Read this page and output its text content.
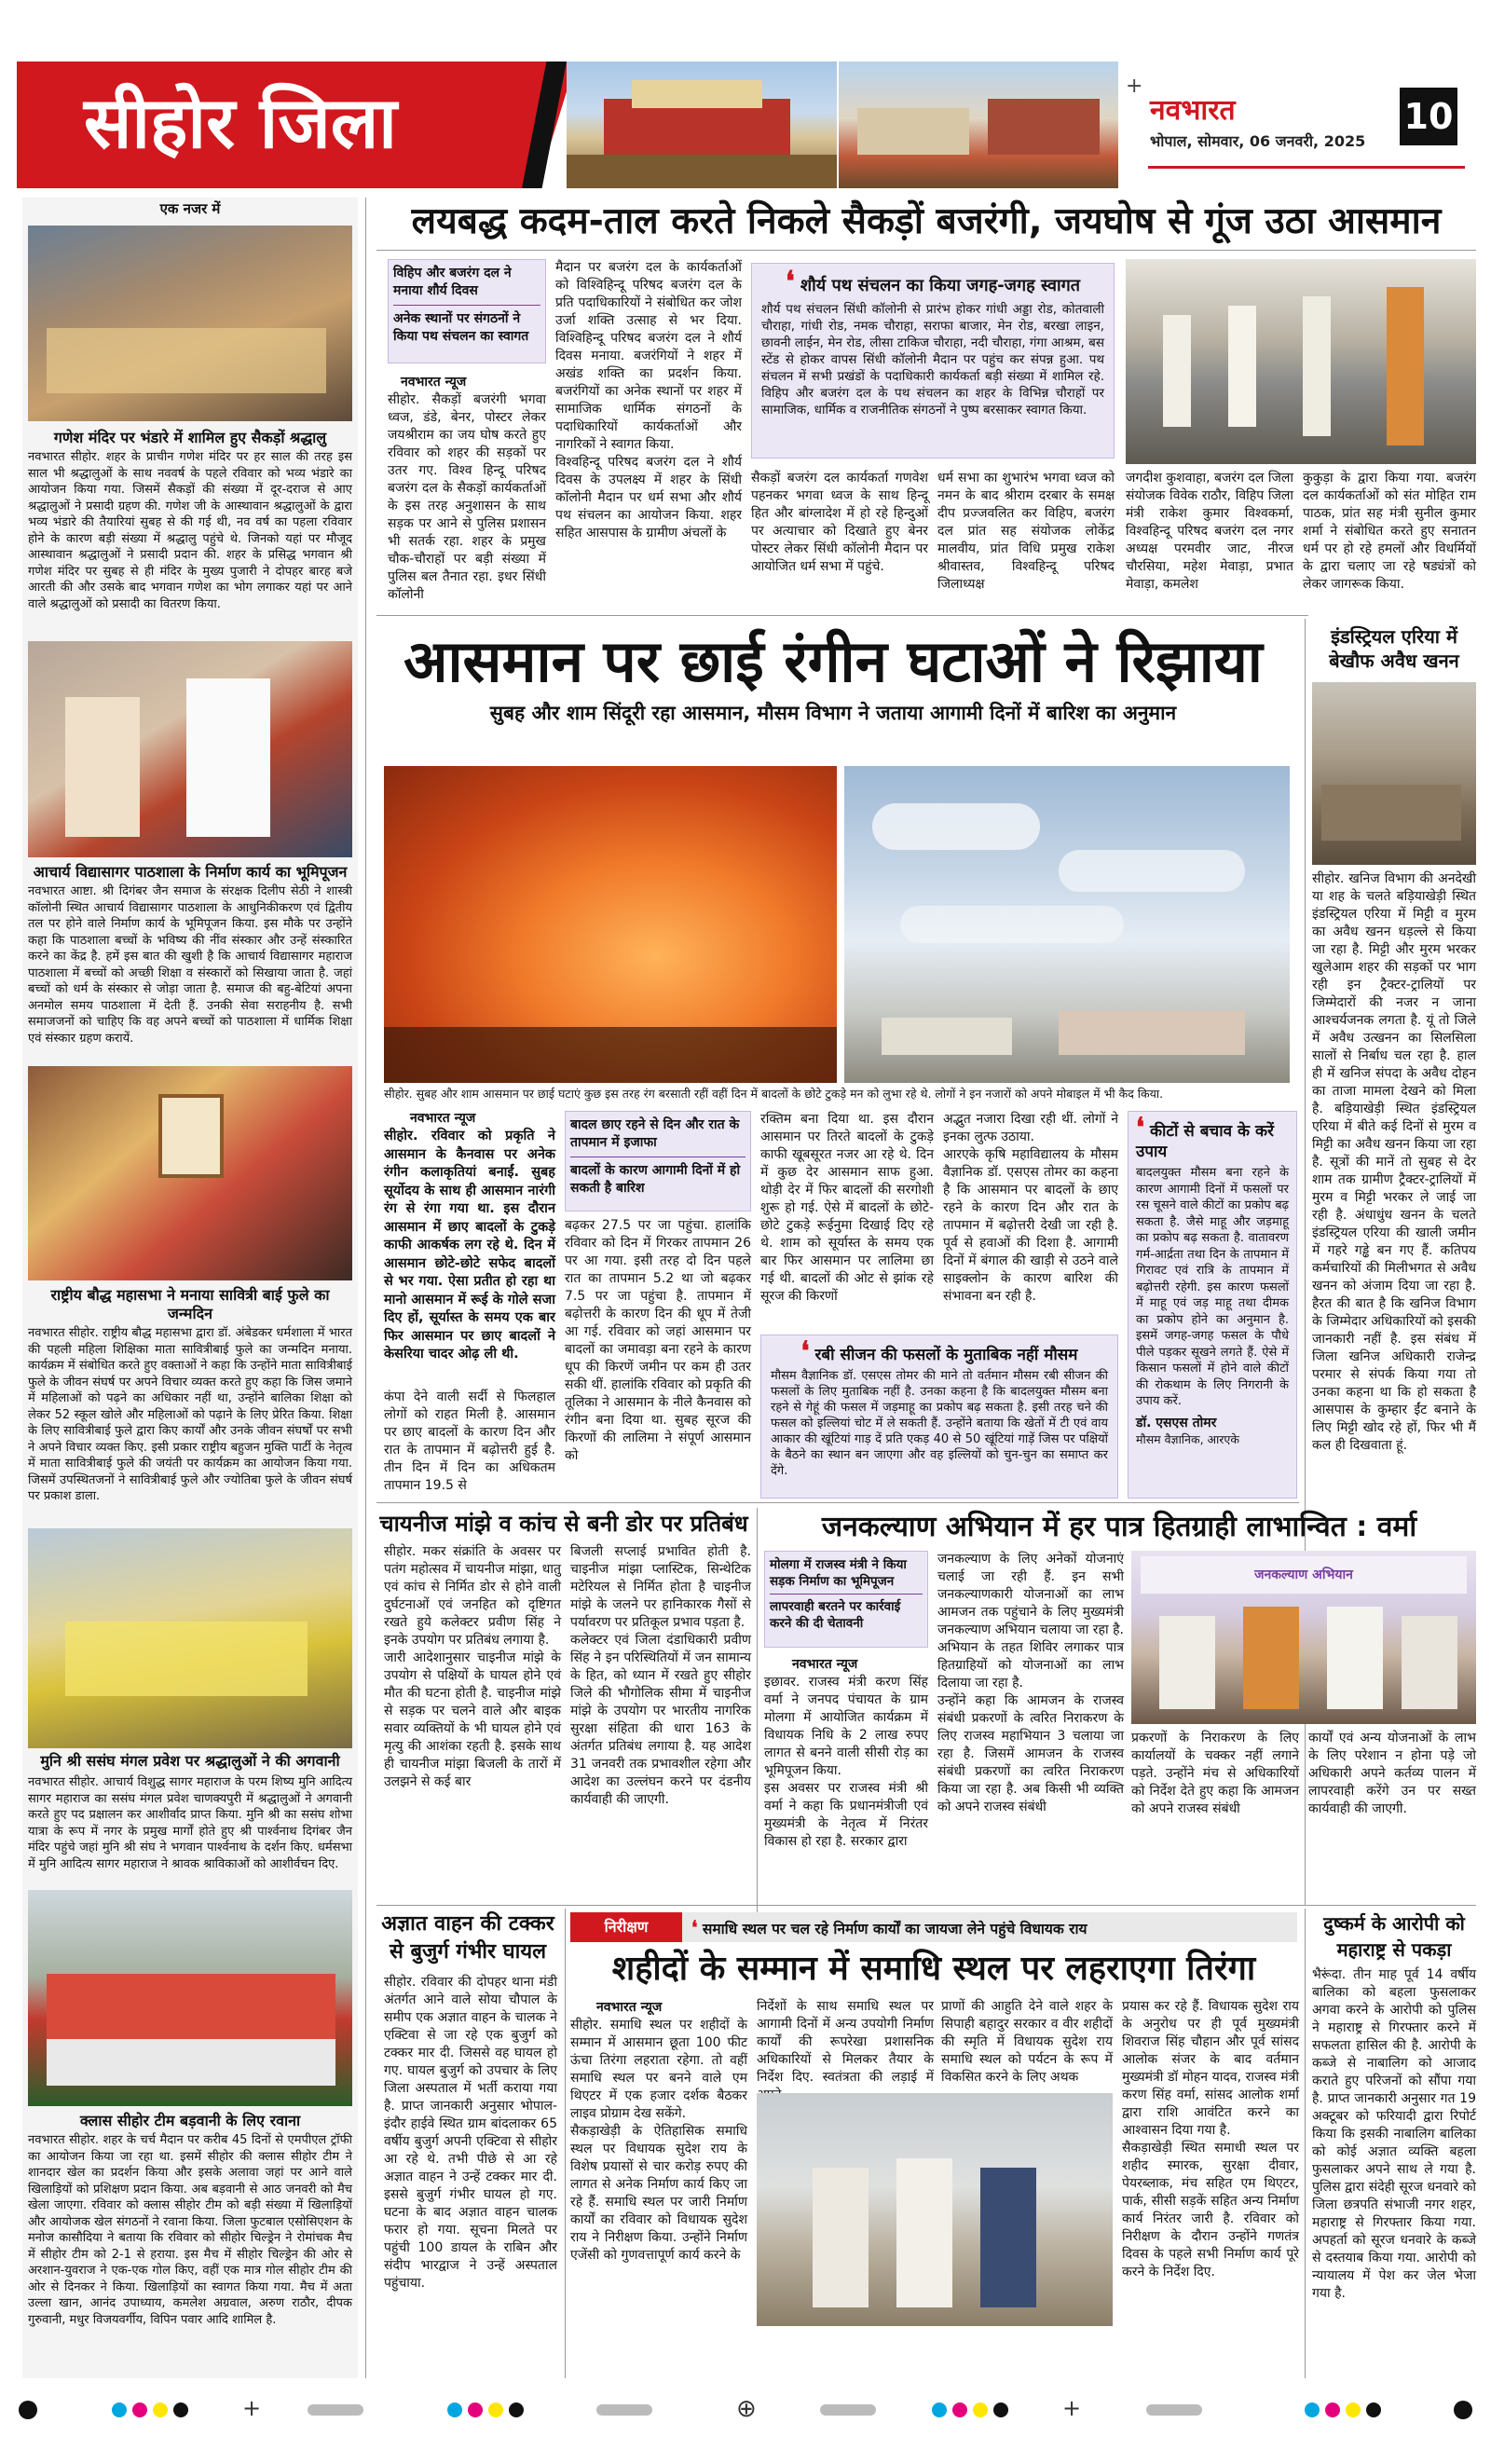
सीहोर जिला	+
नवभारत
भोपाल, सोमवार, 06 जनवरी, 2025
10
एक नजर में
गणेश मंदिर पर भंडारे में शामिल हुए सैकड़ों श्रद्धालु
नवभारत सीहोर. शहर के प्राचीन गणेश मंदिर पर हर साल की तरह इस साल भी श्रद्धालुओं के साथ नववर्ष के पहले रविवार को भव्य भंडारे का आयोजन किया गया. जिसमें सैकड़ों की संख्या में दूर-दराज से आए श्रद्धालुओं ने प्रसादी ग्रहण की. गणेश जी के आस्थावान श्रद्धालुओं के द्वारा भव्य भंडारे की तैयारियां सुबह से की गई थी, नव वर्ष का पहला रविवार होने के कारण बड़ी संख्या में श्रद्धालु पहुंचे थे. जिनको यहां पर मौजूद आस्थावान श्रद्धालुओं ने प्रसादी प्रदान की. शहर के प्रसिद्ध भगवान श्री गणेश मंदिर पर सुबह से ही मंदिर के मुख्य पुजारी ने दोपहर बारह बजे आरती की और उसके बाद भगवान गणेश का भोग लगाकर यहां पर आने वाले श्रद्धालुओं को प्रसादी का वितरण किया.
आचार्य विद्यासागर पाठशाला के निर्माण कार्य का भूमिपूजन
नवभारत आष्टा. श्री दिगंबर जैन समाज के संरक्षक दिलीप सेठी ने शास्त्री कॉलोनी स्थित आचार्य विद्यासागर पाठशाला के आधुनिकीकरण एवं द्वितीय तल पर होने वाले निर्माण कार्य के भूमिपूजन किया. इस मौके पर उन्होंने कहा कि पाठशाला बच्चों के भविष्य की नींव संस्कार और उन्हें संस्कारित करने का केंद्र है. हमें इस बात की खुशी है कि आचार्य विद्यासागर महाराज पाठशाला में बच्चों को अच्छी शिक्षा व संस्कारों को सिखाया जाता है. जहां बच्चों को धर्म के संस्कार से जोड़ा जाता है. समाज की बहु-बेटियां अपना अनमोल समय पाठशाला में देती हैं. उनकी सेवा सराहनीय है. सभी समाजजनों को चाहिए कि वह अपने बच्चों को पाठशाला में धार्मिक शिक्षा एवं संस्कार ग्रहण करायें.
राष्ट्रीय बौद्ध महासभा ने मनाया सावित्री बाई फुले का जन्मदिन
नवभारत सीहोर. राष्ट्रीय बौद्ध महासभा द्वारा डॉ. अंबेडकर धर्मशाला में भारत की पहली महिला शिक्षिका माता सावित्रीबाई फुले का जन्मदिन मनाया. कार्यक्रम में संबोधित करते हुए वक्ताओं ने कहा कि उन्होंने माता सावित्रीबाई फुले के जीवन संघर्ष पर अपने विचार व्यक्त करते हुए कहा कि जिस जमाने में महिलाओं को पढ़ने का अधिकार नहीं था, उन्होंने बालिका शिक्षा को लेकर 52 स्कूल खोले और महिलाओं को पढ़ाने के लिए प्रेरित किया. शिक्षा के लिए सावित्रीबाई फुले द्वारा किए कार्यों और उनके जीवन संघर्षों पर सभी ने अपने विचार व्यक्त किए. इसी प्रकार राष्ट्रीय बहुजन मुक्ति पार्टी के नेतृत्व में माता सावित्रीबाई फुले की जयंती पर कार्यक्रम का आयोजन किया गया. जिसमें उपस्थितजनों ने सावित्रीबाई फुले और ज्योतिबा फुले के जीवन संघर्ष पर प्रकाश डाला.
मुनि श्री ससंघ मंगल प्रवेश पर श्रद्धालुओं ने की अगवानी
नवभारत सीहोर. आचार्य विशुद्ध सागर महाराज के परम शिष्य मुनि आदित्य सागर महाराज का ससंघ मंगल प्रवेश चाणक्यपुरी में श्रद्धालुओं ने अगवानी करते हुए पद प्रक्षालन कर आशीर्वाद प्राप्त किया. मुनि श्री का ससंघ शोभा यात्रा के रूप में नगर के प्रमुख मार्गों होते हुए श्री पार्श्वनाथ दिगंबर जैन मंदिर पहुंचे जहां मुनि श्री संघ ने भगवान पार्श्वनाथ के दर्शन किए. धर्मसभा में मुनि आदित्य सागर महाराज ने श्रावक श्राविकाओं को आशीर्वचन दिए.
क्लास सीहोर टीम बड़वानी के लिए रवाना
नवभारत सीहोर. शहर के चर्च मैदान पर करीब 45 दिनों से एमपीएल ट्रॉफी का आयोजन किया जा रहा था. इसमें सीहोर की क्लास सीहोर टीम ने शानदार खेल का प्रदर्शन किया और इसके अलावा जहां पर आने वाले खिलाड़ियों को प्रशिक्षण प्रदान किया. अब बड़वानी से आठ जनवरी को मैच खेला जाएगा. रविवार को क्लास सीहोर टीम को बड़ी संख्या में खिलाड़ियों और आयोजक खेल संगठनों ने रवाना किया. जिला फुटबाल एसोसिएशन के मनोज कासौदिया ने बताया कि रविवार को सीहोर चिल्ड्रेन ने रोमांचक मैच में सीहोर टीम को 2-1 से हराया. इस मैच में सीहोर चिल्ड्रेन की ओर से अरशान-युवराज ने एक-एक गोल किए, वहीं एक मात्र गोल सीहोर टीम की ओर से दिनकर ने किया. खिलाड़ियों का स्वागत किया गया. मैच में अता उल्ला खान, आनंद उपाध्याय, कमलेश अग्रवाल, अरुण राठौर, दीपक गुरुवानी, मधुर विजयवर्गीय, विपिन पवार आदि शामिल है.
लयबद्ध कदम-ताल करते निकले सैकड़ों बजरंगी, जयघोष से गूंज उठा आसमान
विहिप और बजरंग दल ने मनाया शौर्य दिवस
अनेक स्थानों पर संगठनों ने किया पथ संचलन का स्वागत
नवभारत न्यूज
सीहोर. सैकड़ों बजरंगी भगवा ध्वज, डंडे, बेनर, पोस्टर लेकर जयश्रीराम का जय घोष करते हुए रविवार को शहर की सड़कों पर उतर गए. विश्व हिन्दू परिषद बजरंग दल के सैकड़ों कार्यकर्ताओं के इस तरह अनुशासन के साथ सड़क पर आने से पुलिस प्रशासन भी सतर्क रहा. शहर के प्रमुख चौक-चौराहों पर बड़ी संख्या में पुलिस बल तैनात रहा. इधर सिंधी कॉलोनी
मैदान पर बजरंग दल के कार्यकर्ताओं को विश्विहिन्दू परिषद बजरंग दल के प्रति पदाधिकारियों ने संबोधित कर जोश उर्जा शक्ति उत्साह से भर दिया. विश्विहिन्दू परिषद बजरंग दल ने शौर्य दिवस मनाया. बजरंगियों ने शहर में अखंड शक्ति का प्रदर्शन किया. बजरंगियों का अनेक स्थानों पर शहर में सामाजिक धार्मिक संगठनों के पदाधिकारियों कार्यकर्ताओं और नागरिकों ने स्वागत किया.
विश्वहिन्दू परिषद बजरंग दल ने शौर्य दिवस के उपलक्ष्य में शहर के सिंधी कॉलोनी मैदान पर धर्म सभा और शौर्य पथ संचलन का आयोजन किया. शहर सहित आसपास के ग्रामीण अंचलों के
❛ शौर्य पथ संचलन का किया जगह-जगह स्वागत
शौर्य पथ संचलन सिंधी कॉलोनी से प्रारंभ होकर गांधी अड्डा रोड, कोतवाली चौराहा, गांधी रोड, नमक चौराहा, सराफा बाजार, मेन रोड, बरखा लाइन, छावनी लाईन, मेन रोड, लीसा टाकिज चौराहा, नदी चौराहा, गंगा आश्रम, बस स्टेंड से होकर वापस सिंधी कॉलोनी मैदान पर पहुंच कर संपन्न हुआ. पथ संचलन में सभी प्रखंडों के पदाधिकारी कार्यकर्ता बड़ी संख्या में शामिल रहे. विहिप और बजरंग दल के पथ संचलन का शहर के विभिन्न चौराहों पर सामाजिक, धार्मिक व राजनीतिक संगठनों ने पुष्प बरसाकर स्वागत किया.
सैकड़ों बजरंग दल कार्यकर्ता गणवेश पहनकर भगवा ध्वज के साथ हिन्दू हित और बांग्लादेश में हो रहे हिन्दुओं पर अत्याचार को दिखाते हुए बेनर पोस्टर लेकर सिंधी कॉलोनी मैदान पर आयोजित धर्म सभा में पहुंचे.
धर्म सभा का शुभारंभ भगवा ध्वज को नमन के बाद श्रीराम दरबार के समक्ष दीप प्रज्जवलित कर विहिप, बजरंग दल प्रांत सह संयोजक लोकेंद्र मालवीय, प्रांत विधि प्रमुख राकेश श्रीवास्तव, विश्वहिन्दू परिषद जिलाध्यक्ष
जगदीश कुशवाहा, बजरंग दल जिला संयोजक विवेक राठौर, विहिप जिला मंत्री राकेश कुमार विश्वकर्मा, विश्वहिन्दू परिषद बजरंग दल नगर अध्यक्ष परमवीर जाट, नीरज चौरसिया, महेश मेवाड़ा, प्रभात मेवाड़ा, कमलेश
कुकुड़ा के द्वारा किया गया. बजरंग दल कार्यकर्ताओं को संत मोहित राम पाठक, प्रांत सह मंत्री सुनील कुमार शर्मा ने संबोधित करते हुए सनातन धर्म पर हो रहे हमलों और विधर्मियों के द्वारा चलाए जा रहे षड्यंत्रों को लेकर जागरूक किया.
आसमान पर छाई रंगीन घटाओं ने रिझाया
सुबह और शाम सिंदूरी रहा आसमान, मौसम विभाग ने जताया आगामी दिनों में बारिश का अनुमान
सीहोर. सुबह और शाम आसमान पर छाई घटाएं कुछ इस तरह रंग बरसाती रहीं वहीं दिन में बादलों के छोटे टुकड़े मन को लुभा रहे थे. लोगों ने इन नजारों को अपने मोबाइल में भी कैद किया.
नवभारत न्यूज
सीहोर. रविवार को प्रकृति ने आसमान के कैनवास पर अनेक रंगीन कलाकृतियां बनाईं. सुबह सूर्योदय के साथ ही आसमान नारंगी रंग से रंगा गया था. इस दौरान आसमान में छाए बादलों के टुकड़े काफी आकर्षक लग रहे थे. दिन में आसमान छोटे-छोटे सफेद बादलों से भर गया. ऐसा प्रतीत हो रहा था मानो आसमान में रूई के गोले सजा दिए हों, सूर्यास्त के समय एक बार फिर आसमान पर छाए बादलों ने केसरिया चादर ओढ़ ली थी.
कंपा देने वाली सर्दी से फिलहाल लोगों को राहत मिली है. आसमान पर छाए बादलों के कारण दिन और रात के तापमान में बढ़ोत्तरी हुई है. तीन दिन में दिन का अधिकतम तापमान 19.5 से
बादल छाए रहने से दिन और रात के तापमान में इजाफा
बादलों के कारण आगामी दिनों में हो सकती है बारिश
बढ़कर 27.5 पर जा पहुंचा. हालांकि रविवार को दिन में गिरकर तापमान 26 पर आ गया. इसी तरह दो दिन पहले रात का तापमान 5.2 था जो बढ़कर 7.5 पर जा पहुंचा है. तापमान में बढ़ोत्तरी के कारण दिन की धूप में तेजी आ गई. रविवार को जहां आसमान पर बादलों का जमावड़ा बना रहने के कारण धूप की किरणें जमीन पर कम ही उतर सकी थीं. हालांकि रविवार को प्रकृति की तूलिका ने आसमान के नीले कैनवास को रंगीन बना दिया था. सुबह सूरज की किरणों की लालिमा ने संपूर्ण आसमान को
रक्तिम बना दिया था. इस दौरान आसमान पर तिरते बादलों के टुकड़े काफी खूबसूरत नजर आ रहे थे. दिन में कुछ देर आसमान साफ हुआ. थोड़ी देर में फिर बादलों की सरगोशी शुरू हो गई. ऐसे में बादलों के छोटे-छोटे टुकड़े रूईनुमा दिखाई दिए रहे थे. शाम को सूर्यास्त के समय एक बार फिर आसमान पर लालिमा छा गई थी. बादलों की ओट से झांक रहे सूरज की किरणों
अद्भुत नजारा दिखा रही थीं. लोगों ने इनका लुत्फ उठाया.
आरएके कृषि महाविद्यालय के मौसम वैज्ञानिक डॉ. एसएस तोमर का कहना है कि आसमान पर बादलों के छाए रहने के कारण दिन और रात के तापमान में बढ़ोत्तरी देखी जा रही है. पूर्व से हवाओं की दिशा है. आगामी दिनों में बंगाल की खाड़ी से उठने वाले साइक्लोन के कारण बारिश की संभावना बन रही है.
❛ रबी सीजन की फसलों के मुताबिक नहीं मौसम
मौसम वैज्ञानिक डॉ. एसएस तोमर की माने तो वर्तमान मौसम रबी सीजन की फसलों के लिए मुताबिक नहीं है. उनका कहना है कि बादलयुक्त मौसम बना रहने से गेहूं की फसल में जड़माहू का प्रकोप बढ़ सकता है. इसी तरह चने की फसल को इल्लियां चोट में ले सकती हैं. उन्होंने बताया कि खेतों में टी एवं वाय आकार की खूंटियां गाड़ दें प्रति एकड़ 40 से 50 खूंटियां गाड़ें जिस पर पक्षियों के बैठने का स्थान बन जाएगा और वह इल्लियों को चुन-चुन का समाप्त कर देंगे.
❛ कीटों से बचाव के करें उपाय
बादलयुक्त मौसम बना रहने के कारण आगामी दिनों में फसलों पर रस चूसने वाले कीटों का प्रकोप बढ़ सकता है. जैसे माहू और जड़माहू का प्रकोप बढ़ सकता है. वातावरण गर्म-आर्द्रता तथा दिन के तापमान में गिरावट एवं रात्रि के तापमान में बढ़ोत्तरी रहेगी. इस कारण फसलों में माहू एवं जड़ माहू तथा दीमक का प्रकोप होने का अनुमान है. इसमें जगह-जगह फसल के पौधे पीले पड़कर सूखने लगते हैं. ऐसे में किसान फसलों में होने वाले कीटों की रोकथाम के लिए निगरानी के उपाय करें.
डॉ. एसएस तोमर
मौसम वैज्ञानिक, आरएके
इंडस्ट्रियल एरिया में बेखौफ अवैध खनन
सीहोर. खनिज विभाग की अनदेखी या शह के चलते बड़ियाखेड़ी स्थित इंडस्ट्रियल एरिया में मिट्टी व मुरम का अवैध खनन धड़ल्ले से किया जा रहा है. मिट्टी और मुरम भरकर खुलेआम शहर की सड़कों पर भाग रही इन ट्रैक्टर-ट्रालियों पर जिम्मेदारों की नजर न जाना आश्चर्यजनक लगता है. यूं तो जिले में अवैध उत्खनन का सिलसिला सालों से निर्बाध चल रहा है. हाल ही में खनिज संपदा के अवैध दोहन का ताजा मामला देखने को मिला है. बड़ियाखेड़ी स्थित इंडस्ट्रियल एरिया में बीते कई दिनों से मुरम व मिट्टी का अवैध खनन किया जा रहा है. सूत्रों की मानें तो सुबह से देर शाम तक ग्रामीण ट्रैक्टर-ट्रालियों में मुरम व मिट्टी भरकर ले जाई जा रही है. अंधाधुंध खनन के चलते इंडस्ट्रियल एरिया की खाली जमीन में गहरे गड्ढे बन गए हैं. कतिपय कर्मचारियों की मिलीभगत से अवैध खनन को अंजाम दिया जा रहा है. हैरत की बात है कि खनिज विभाग के जिम्मेदार अधिकारियों को इसकी जानकारी नहीं है. इस संबंध में जिला खनिज अधिकारी राजेन्द्र परमार से संपर्क किया गया तो उनका कहना था कि हो सकता है आसपास के कुम्हार ईंट बनाने के लिए मिट्टी खोद रहे हों, फिर भी मैं कल ही दिखवाता हूं.
चायनीज मांझे व कांच से बनी डोर पर प्रतिबंध
सीहोर. मकर संक्रांति के अवसर पर पतंग महोत्सव में चायनीज मांझा, धातु एवं कांच से निर्मित डोर से होने वाली दुर्घटनाओं एवं जनहित को दृष्टिगत रखते हुये कलेक्टर प्रवीण सिंह ने इनके उपयोग पर प्रतिबंध लगाया है.
जारी आदेशानुसार चाइनीज मांझे के उपयोग से पक्षियों के घायल होने एवं मौत की घटना होती है. चाइनीज मांझे से सड़क पर चलने वाले और बाइक सवार व्यक्तियों के भी घायल होने एवं मृत्यु की आशंका रहती है. इसके साथ ही चायनीज मांझा बिजली के तारों में उलझने से कई बार
बिजली सप्लाई प्रभावित होती है. चाइनीज मांझा प्लास्टिक, सिन्थेटिक मटेरियल से निर्मित होता है चाइनीज मांझे के जलने पर हानिकारक गैसों से पर्यावरण पर प्रतिकूल प्रभाव पड़ता है.
कलेक्टर एवं जिला दंडाधिकारी प्रवीण सिंह ने इन परिस्थितियों में जन सामान्य के हित, को ध्यान में रखते हुए सीहोर जिले की भौगोलिक सीमा में चाइनीज मांझे के उपयोग पर भारतीय नागरिक सुरक्षा संहिता की धारा 163 के अंतर्गत प्रतिबंध लगाया है. यह आदेश 31 जनवरी तक प्रभावशील रहेगा और आदेश का उल्लंघन करने पर दंडनीय कार्यवाही की जाएगी.
जनकल्याण अभियान में हर पात्र हितग्राही लाभान्वित : वर्मा
मोलगा में राजस्व मंत्री ने किया सड़क निर्माण का भूमिपूजन
लापरवाही बरतने पर कार्रवाई करने की दी चेतावनी
नवभारत न्यूज
इछावर. राजस्व मंत्री करण सिंह वर्मा ने जनपद पंचायत के ग्राम मोलगा में आयोजित कार्यक्रम में विधायक निधि के 2 लाख रुपए लागत से बनने वाली सीसी रोड़ का भूमिपूजन किया.
इस अवसर पर राजस्व मंत्री श्री वर्मा ने कहा कि प्रधानमंत्रीजी एवं मुख्यमंत्री के नेतृत्व में निरंतर विकास हो रहा है. सरकार द्वारा
जनकल्याण के लिए अनेकों योजनाएं चलाई जा रही हैं. इन सभी जनकल्याणकारी योजनाओं का लाभ आमजन तक पहुंचाने के लिए मुख्यमंत्री जनकल्याण अभियान चलाया जा रहा है. अभियान के तहत शिविर लगाकर पात्र हितग्राहियों को योजनाओं का लाभ दिलाया जा रहा है.
उन्होंने कहा कि आमजन के राजस्व संबंधी प्रकरणों के त्वरित निराकरण के लिए राजस्व महाभियान 3 चलाया जा रहा है. जिसमें आमजन के राजस्व संबंधी प्रकरणों का त्वरित निराकरण किया जा रहा है. अब किसी भी व्यक्ति को अपने राजस्व संबंधी
जनकल्याण अभियान
प्रकरणों के निराकरण के लिए कार्यालयों के चक्कर नहीं लगाने पड़ते. उन्होंने मंच से अधिकारियों को निर्देश देते हुए कहा कि आमजन को अपने राजस्व संबंधी
कार्यों एवं अन्य योजनाओं के लाभ के लिए परेशान न होना पड़े जो अधिकारी अपने कर्तव्य पालन में लापरवाही करेंगे उन पर सख्त कार्यवाही की जाएगी.
अज्ञात वाहन की टक्कर से बुजुर्ग गंभीर घायल
सीहोर. रविवार की दोपहर थाना मंडी अंतर्गत आने वाले सोया चौपाल के समीप एक अज्ञात वाहन के चालक ने एक्टिवा से जा रहे एक बुजुर्ग को टक्कर मार दी. जिससे वह घायल हो गए. घायल बुजुर्ग को उपचार के लिए जिला अस्पताल में भर्ती कराया गया है. प्राप्त जानकारी अनुसार भोपाल-इंदौर हाईवे स्थित ग्राम बांदलाकर 65 वर्षीय बुजुर्ग अपनी एक्टिवा से सीहोर आ रहे थे. तभी पीछे से आ रहे अज्ञात वाहन ने उन्हें टक्कर मार दी. इससे बुजुर्ग गंभीर घायल हो गए. घटना के बाद अज्ञात वाहन चालक फरार हो गया. सूचना मिलते पर पहुंची 100 डायल के राबिन और संदीप भारद्वाज ने उन्हें अस्पताल पहुंचाया.
निरीक्षण	❛ समाधि स्थल पर चल रहे निर्माण कार्यों का जायजा लेने पहुंचे विधायक राय
शहीदों के सम्मान में समाधि स्थल पर लहराएगा तिरंगा
नवभारत न्यूज
सीहोर. समाधि स्थल पर शहीदों के सम्मान में आसमान छूता 100 फीट ऊंचा तिरंगा लहराता रहेगा. तो वहीं समाधि स्थल पर बनने वाले एम थिएटर में एक हजार दर्शक बैठकर लाइव प्रोग्राम देख सकेंगे.
सैकड़ाखेड़ी के ऐतिहासिक समाधि स्थल पर विधायक सुदेश राय के विशेष प्रयासों से चार करोड़ रुपए की लागत से अनेक निर्माण कार्य किए जा रहे हैं. समाधि स्थल पर जारी निर्माण कार्यों का रविवार को विधायक सुदेश राय ने निरीक्षण किया. उन्होंने निर्माण एजेंसी को गुणवत्तापूर्ण कार्य करने के
निर्देशों के साथ समाधि स्थल पर आगामी दिनों में अन्य उपयोगी निर्माण कार्यों की रूपरेखा प्रशासनिक अधिकारियों से मिलकर तैयार के निर्देश दिए. स्वतंत्रता की लड़ाई में
प्राणों की आहुति देने वाले शहर के सिपाही बहादुर सरकार व वीर शहीदों की स्मृति में विधायक सुदेश राय समाधि स्थल को पर्यटन के रूप में विकसित करने के लिए अथक
प्रयास कर रहे हैं. विधायक सुदेश राय के अनुरोध पर ही पूर्व मुख्यमंत्री शिवराज सिंह चौहान और पूर्व सांसद आलोक संजर के बाद वर्तमान मुख्यमंत्री डॉ मोहन यादव, राजस्व मंत्री करण सिंह वर्मा, सांसद आलोक शर्मा द्वारा राशि आवंटित करने का आश्वासन दिया गया है.
सैकड़ाखेड़ी स्थित समाधी स्थल पर शहीद स्मारक, सुरक्षा दीवार, पेयरब्लाक, मंच सहित एम थिएटर, पार्क, सीसी सड़कें सहित अन्य निर्माण कार्य निरंतर जारी है. रविवार को निरीक्षण के दौरान उन्होंने गणतंत्र दिवस के पहले सभी निर्माण कार्य पूरे करने के निर्देश दिए.
दुष्कर्म के आरोपी को महाराष्ट्र से पकड़ा
भैरूंदा. तीन माह पूर्व 14 वर्षीय बालिका को बहला फुसलाकर अगवा करने के आरोपी को पुलिस ने महाराष्ट्र से गिरफ्तार करने में सफलता हासिल की है. आरोपी के कब्जे से नाबालिग को आजाद कराते हुए परिजनों को सौंपा गया है. प्राप्त जानकारी अनुसार गत 19 अक्टूबर को फरियादी द्वारा रिपोर्ट किया कि इसकी नाबालिग बालिका को कोई अज्ञात व्यक्ति बहला फुसलाकर अपने साथ ले गया है. पुलिस द्वारा संदेही सूरज धनवारे को जिला छत्रपति संभाजी नगर शहर, महाराष्ट्र से गिरफ्तार किया गया. अपहर्ता को सूरज धनवारे के कब्जे से दस्तयाब किया गया. आरोपी को न्यायालय में पेश कर जेल भेजा गया है.
+	⊕	+
